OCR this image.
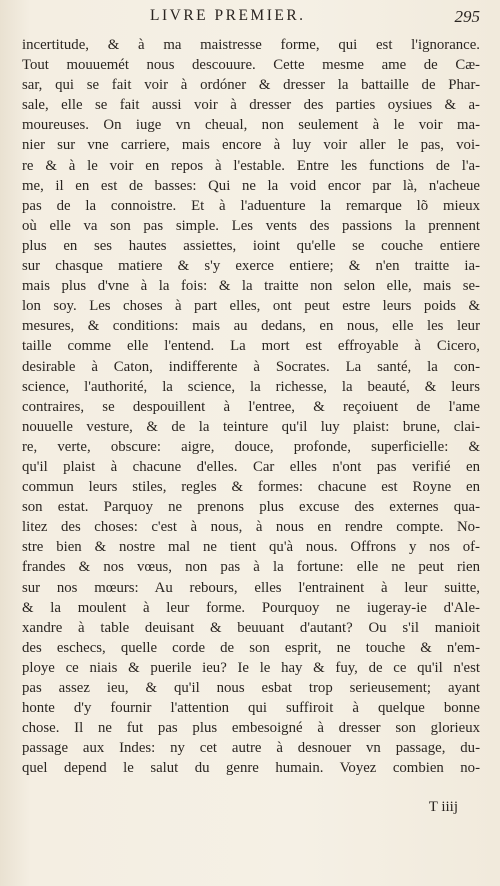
LIVRE PREMIER.	295
incertitude, & à ma maistresse forme, qui est l'ignorance.
Tout mouuemét nous descouure. Cette mesme ame de Cæ-
sar, qui se fait voir à ordóner & dresser la battaille de Phar-
sale, elle se fait aussi voir à dresser des parties oysiues & a-
moureuses. On iuge vn cheual, non seulement à le voir ma-
nier sur vne carriere, mais encore à luy voir aller le pas, voi-
re & à le voir en repos à l'estable. Entre les functions de l'a-
me, il en est de basses: Qui ne la void encor par là, n'acheue
pas de la connoistre. Et à l'aduenture la remarque lõ mieux
où elle va son pas simple. Les vents des passions la prennent
plus en ses hautes assiettes, ioint qu'elle se couche entiere
sur chasque matiere & s'y exerce entiere; & n'en traitte ia-
mais plus d'vne à la fois: & la traitte non selon elle, mais se-
lon soy. Les choses à part elles, ont peut estre leurs poids &
mesures, & conditions: mais au dedans, en nous, elle les leur
taille comme elle l'entend. La mort est effroyable à Cicero,
desirable à Caton, indifferente à Socrates. La santé, la con-
science, l'authorité, la science, la richesse, la beauté, & leurs
contraires, se despouillent à l'entree, & reçoiuent de l'ame
nouuelle vesture, & de la teinture qu'il luy plaist: brune, clai-
re, verte, obscure: aigre, douce, profonde, superficielle: &
qu'il plaist à chacune d'elles. Car elles n'ont pas verifié en
commun leurs stiles, regles & formes: chacune est Royne en
son estat. Parquoy ne prenons plus excuse des externes qua-
litez des choses: c'est à nous, à nous en rendre compte. No-
stre bien & nostre mal ne tient qu'à nous. Offrons y nos of-
frandes & nos vœus, non pas à la fortune: elle ne peut rien
sur nos mœurs: Au rebours, elles l'entrainent à leur suitte,
& la moulent à leur forme. Pourquoy ne iugeray-ie d'Ale-
xandre à table deuisant & beuuant d'autant? Ou s'il manioit
des eschecs, quelle corde de son esprit, ne touche & n'em-
ploye ce niais & puerile ieu? Ie le hay & fuy, de ce qu'il n'est
pas assez ieu, & qu'il nous esbat trop serieusement; ayant
honte d'y fournir l'attention qui suffiroit à quelque bonne
chose. Il ne fut pas plus embesoigné à dresser son glorieux
passage aux Indes: ny cet autre à desnouer vn passage, du-
quel depend le salut du genre humain. Voyez combien no-
T iiij
